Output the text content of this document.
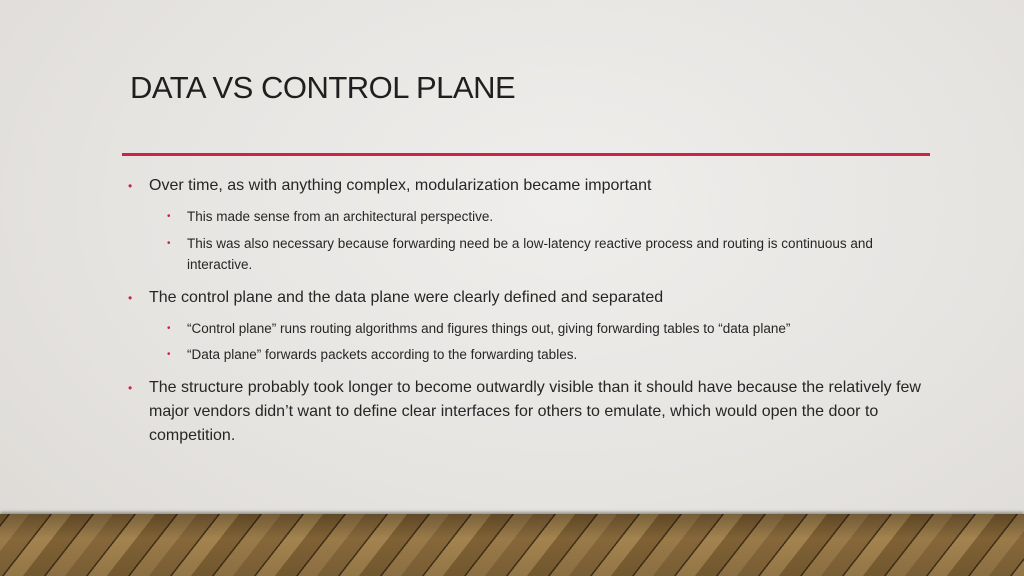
DATA VS CONTROL PLANE
• Over time, as with anything complex, modularization became important
• This made sense from an architectural perspective.
• This was also necessary because forwarding need be a low-latency reactive process and routing is continuous and interactive.
• The control plane and the data plane were clearly defined and separated
• “Control plane” runs routing algorithms and figures things out, giving forwarding tables to “data plane”
• “Data plane” forwards packets according to the forwarding tables.
• The structure probably took longer to become outwardly visible than it should have because the relatively few major vendors didn’t want to define clear interfaces for others to emulate, which would open the door to competition.
